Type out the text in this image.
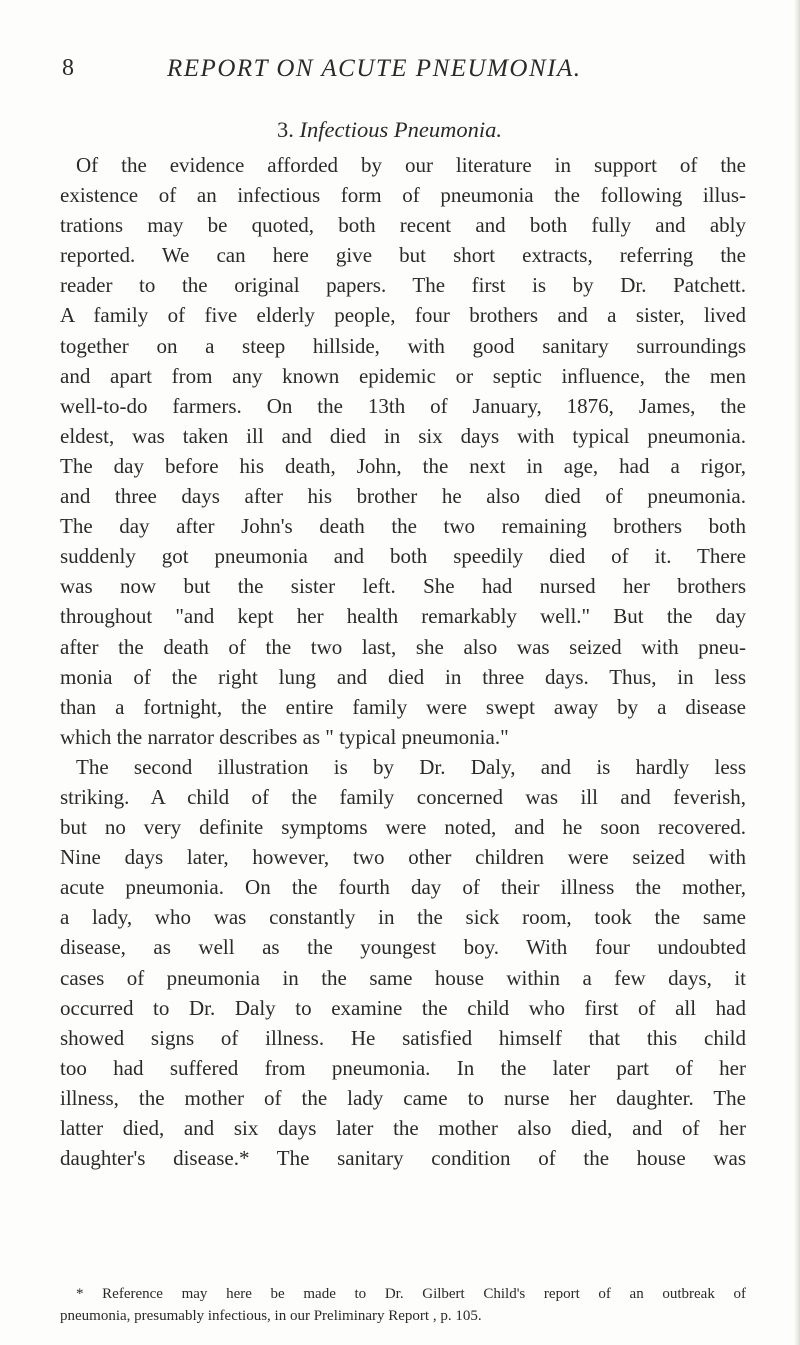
8	REPORT ON ACUTE PNEUMONIA.
3. Infectious Pneumonia.
Of the evidence afforded by our literature in support of the
existence of an infectious form of pneumonia the following illus-
trations may be quoted, both recent and both fully and ably
reported. We can here give but short extracts, referring the
reader to the original papers. The first is by Dr. Patchett.
A family of five elderly people, four brothers and a sister, lived
together on a steep hillside, with good sanitary surroundings
and apart from any known epidemic or septic influence, the men
well-to-do farmers. On the 13th of January, 1876, James, the
eldest, was taken ill and died in six days with typical pneumonia.
The day before his death, John, the next in age, had a rigor,
and three days after his brother he also died of pneumonia.
The day after John's death the two remaining brothers both
suddenly got pneumonia and both speedily died of it. There
was now but the sister left. She had nursed her brothers
throughout "and kept her health remarkably well." But the day
after the death of the two last, she also was seized with pneu-
monia of the right lung and died in three days. Thus, in less
than a fortnight, the entire family were swept away by a disease
which the narrator describes as " typical pneumonia."
The second illustration is by Dr. Daly, and is hardly less
striking. A child of the family concerned was ill and feverish,
but no very definite symptoms were noted, and he soon recovered.
Nine days later, however, two other children were seized with
acute pneumonia. On the fourth day of their illness the mother,
a lady, who was constantly in the sick room, took the same
disease, as well as the youngest boy. With four undoubted
cases of pneumonia in the same house within a few days, it
occurred to Dr. Daly to examine the child who first of all had
showed signs of illness. He satisfied himself that this child
too had suffered from pneumonia. In the later part of her
illness, the mother of the lady came to nurse her daughter. The
latter died, and six days later the mother also died, and of her
daughter's disease.* The sanitary condition of the house was
* Reference may here be made to Dr. Gilbert Child's report of an outbreak of
pneumonia, presumably infectious, in our Preliminary Report , p. 105.
